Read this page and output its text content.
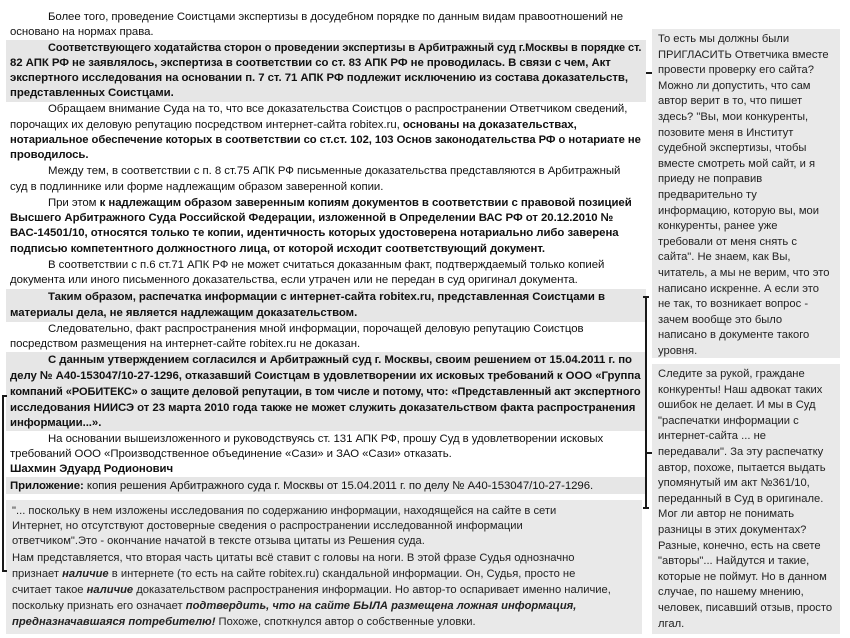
Более того, проведение Соистцами экспертизы в досудебном порядке по данным видам правоотношений не
основано на нормах права.
Соответствующего ходатайства сторон о проведении экспертизы в Арбитражный суд г.Москвы в порядке ст.
82 АПК РФ не заявлялось, экспертиза в соответствии со ст. 83 АПК РФ не проводилась. В связи с чем, Акт
экспертного исследования на основании п. 7 ст. 71 АПК РФ подлежит исключению из состава доказательств,
представленных Соистцами.
Обращаем внимание Суда на то, что все доказательства Соистцов о распространении Ответчиком сведений,
порочащих их деловую репутацию посредством интернет-сайта robitex.ru, основаны на доказательствах,
нотариальное обеспечение которых в соответствии со ст.ст. 102, 103 Основ законодательства РФ о нотариате не
проводилось.
Между тем, в соответствии с п. 8 ст.75 АПК РФ письменные доказательства представляются в Арбитражный
суд в подлиннике или форме надлежащим образом заверенной копии.
При этом к надлежащим образом заверенным копиям документов в соответствии с правовой позицией
Высшего Арбитражного Суда Российской Федерации, изложенной в Определении ВАС РФ от 20.12.2010 №
ВАС-14501/10, относятся только те копии, идентичность которых удостоверена нотариально либо заверена
подписью компетентного должностного лица, от которой исходит соответствующий документ.
В соответствии с п.6 ст.71 АПК РФ не может считаться доказанным факт, подтверждаемый только копией
документа или иного письменного доказательства, если утрачен или не передан в суд оригинал документа.
Таким образом, распечатка информации с интернет-сайта robitex.ru, представленная Соистцами в
материалы дела, не является надлежащим доказательством.
Следовательно, факт распространения мной информации, порочащей деловую репутацию Соистцов
посредством размещения на интернет-сайте robitex.ru не доказан.
С данным утверждением согласился и Арбитражный суд г. Москвы, своим решением от 15.04.2011 г. по
делу № А40-153047/10-27-1296, отказавший Соистцам в удовлетворении их исковых требований к ООО «Группа
компаний «РОБИТЕКС» о защите деловой репутации, в том числе и потому, что: «Представленный акт экспертного
исследования НИИСЭ от 23 марта 2010 года также не может служить доказательством факта распространения
информации...».
На основании вышеизложенного и руководствуясь ст. 131 АПК РФ, прошу Суд в удовлетворении исковых
требований ООО «Производственное объединение «Сази» и ЗАО «Сази» отказать.
Шахмин Эдуард Родионович
Приложение: копия решения Арбитражного суда г. Москвы от 15.04.2011 г. по делу № А40-153047/10-27-1296.
"... поскольку в нем изложены исследования по содержанию информации, находящейся на сайте в сети
Интернет, но отсутствуют достоверные сведения о распространении исследованной информации
ответчиком".Это - окончание начатой в тексте отзыва цитаты из Решения суда.
Нам представляется, что вторая часть цитаты всё ставит с головы на ноги. В этой фразе Судья однозначно
признает наличие в интернете (то есть на сайте robitex.ru) скандальной информации. Он, Судья, просто не
считает такое наличие доказательством распространения информации. Но автор-то оспаривает именно наличие,
поскольку признать его означает подтвердить, что на сайте БЫЛА размещена ложная информация,
предназначавшаяся потребителю! Похоже, споткнулся автор о собственные уловки.
То есть мы должны были
ПРИГЛАСИТЬ Ответчика вместе
провести проверку его сайта?
Можно ли допустить, что сам
автор верит в то, что пишет
здесь? "Вы, мои конкуренты,
позовите меня в Институт
судебной экспертизы, чтобы
вместе смотреть мой сайт, и я
приеду не поправив
предварительно ту
информацию, которую вы, мои
конкуренты, ранее уже
требовали от меня снять с
сайта". Не знаем, как Вы,
читатель, а мы не верим, что это
написано искренне. А если это
не так, то возникает вопрос -
зачем вообще это было
написано в документе такого
уровня.
Следите за рукой, граждане
конкуренты! Наш адвокат таких
ошибок не делает. И мы в Суд
"распечатки информации с
интернет-сайта ... не
передавали". За эту распечатку
автор, похоже, пытается выдать
упомянутый им акт №361/10,
переданный в Суд в оригинале.
Мог ли автор не понимать
разницы в этих документах?
Разные, конечно, есть на свете
"авторы"... Найдутся и такие,
которые не поймут. Но в данном
случае, по нашему мнению,
человек, писавший отзыв, просто
лгал.
